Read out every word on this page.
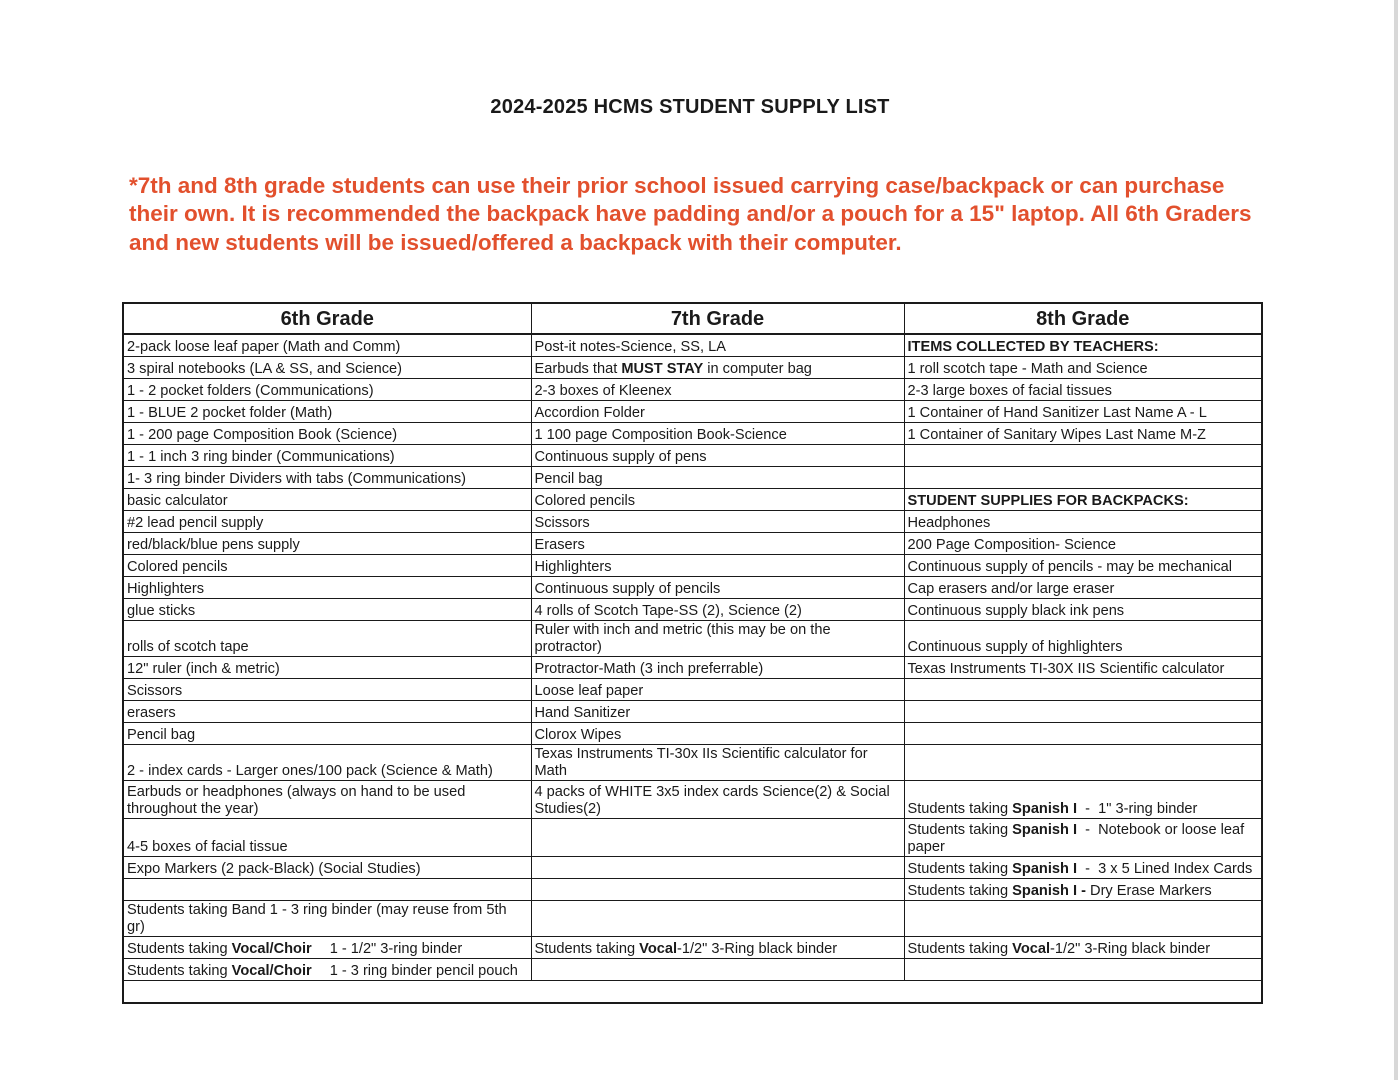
2024-2025 HCMS STUDENT SUPPLY LIST
*7th and 8th grade students can use their prior school issued carrying case/backpack or can purchase their own. It is recommended the backpack have padding and/or a pouch for a 15" laptop. All 6th Graders and new students will be issued/offered a backpack with their computer.
6th Grade	7th Grade	8th Grade
2-pack loose leaf paper (Math and Comm)	Post-it notes-Science, SS, LA	ITEMS COLLECTED BY TEACHERS:
3 spiral notebooks (LA & SS, and Science)	Earbuds that MUST STAY in computer bag	1 roll scotch tape - Math and Science
1 - 2 pocket folders (Communications)	2-3 boxes of Kleenex	2-3 large boxes of facial tissues
1 - BLUE 2 pocket folder (Math)	Accordion Folder	1 Container of Hand Sanitizer Last Name A - L
1 - 200 page Composition Book (Science)	1 100 page Composition Book-Science	1 Container of Sanitary Wipes Last Name M-Z
1 - 1 inch 3 ring binder (Communications)	Continuous supply of pens	
1- 3 ring binder Dividers with tabs (Communications)	Pencil bag	
basic calculator	Colored pencils	STUDENT SUPPLIES FOR BACKPACKS:
#2 lead pencil supply	Scissors	Headphones
red/black/blue pens supply	Erasers	200 Page Composition- Science
Colored pencils	Highlighters	Continuous supply of pencils - may be mechanical
Highlighters	Continuous supply of pencils	Cap erasers and/or large eraser
glue sticks	4 rolls of Scotch Tape-SS (2), Science (2)	Continuous supply black ink pens
rolls of scotch tape	Ruler with inch and metric (this may be on the protractor)	Continuous supply of highlighters
12" ruler (inch & metric)	Protractor-Math (3 inch preferrable)	Texas Instruments TI-30X IIS Scientific calculator
Scissors	Loose leaf paper	
erasers	Hand Sanitizer	
Pencil bag	Clorox Wipes	
2 - index cards - Larger ones/100 pack (Science & Math)	Texas Instruments TI-30x IIs Scientific calculator for Math	
Earbuds or headphones (always on hand to be used throughout the year)	4 packs of WHITE 3x5 index cards Science(2) & Social Studies(2)	Students taking Spanish I  -  1" 3-ring binder
4-5 boxes of facial tissue		Students taking Spanish I  -  Notebook or loose leaf paper
Expo Markers (2 pack-Black) (Social Studies)		Students taking Spanish I  -  3 x 5 Lined Index Cards
		Students taking Spanish I - Dry Erase Markers
Students taking Band 1 - 3 ring binder (may reuse from 5th gr)		
Students taking Vocal/Choir 1 - 1/2" 3-ring binder	Students taking Vocal-1/2" 3-Ring black binder	Students taking Vocal-1/2" 3-Ring black binder
Students taking Vocal/Choir 1 - 3 ring binder pencil pouch		
